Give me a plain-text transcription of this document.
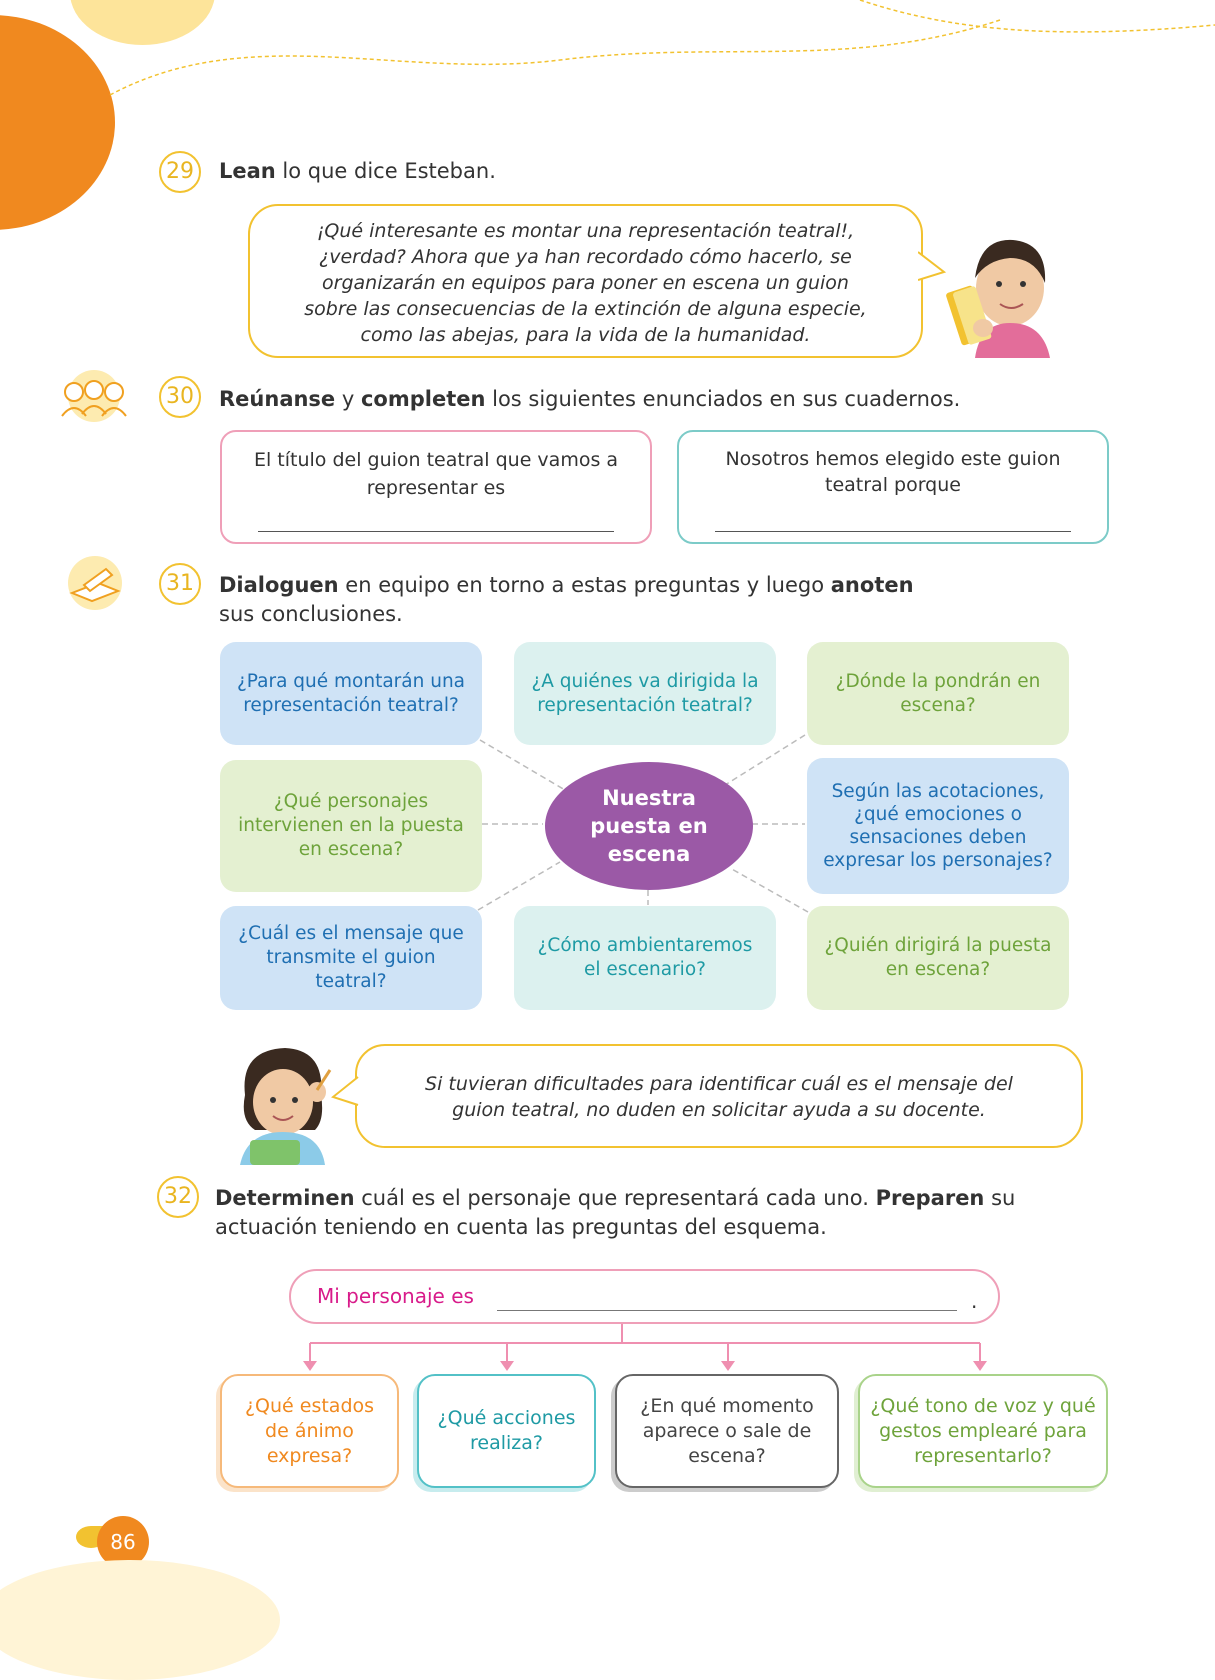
29	Lean lo que dice Esteban.
¡Qué interesante es montar una representación teatral!,
¿verdad? Ahora que ya han recordado cómo hacerlo, se
organizarán en equipos para poner en escena un guion
sobre las consecuencias de la extinción de alguna especie,
como las abejas, para la vida de la humanidad.
30	Reúnanse y completen los siguientes enunciados en sus cuadernos.
El título del guion teatral que vamos a representar es
Nosotros hemos elegido este guion teatral porque
31	Dialoguen en equipo en torno a estas preguntas y luego anoten
sus conclusiones.
¿Para qué montarán una representación teatral?
¿A quiénes va dirigida la representación teatral?
¿Dónde la pondrán en escena?
¿Qué personajes intervienen en la puesta en escena?
Según las acotaciones, ¿qué emociones o sensaciones deben expresar los personajes?
¿Cuál es el mensaje que transmite el guion teatral?
¿Cómo ambientaremos el escenario?
¿Quién dirigirá la puesta en escena?
Nuestra puesta en escena
Si tuvieran dificultades para identificar cuál es el mensaje del
guion teatral, no duden en solicitar ayuda a su docente.
32	Determinen cuál es el personaje que representará cada uno. Preparen su
actuación teniendo en cuenta las preguntas del esquema.
Mi personaje es	.
¿Qué estados de ánimo expresa?
¿Qué acciones realiza?
¿En qué momento aparece o sale de escena?
¿Qué tono de voz y qué gestos emplearé para representarlo?
86
